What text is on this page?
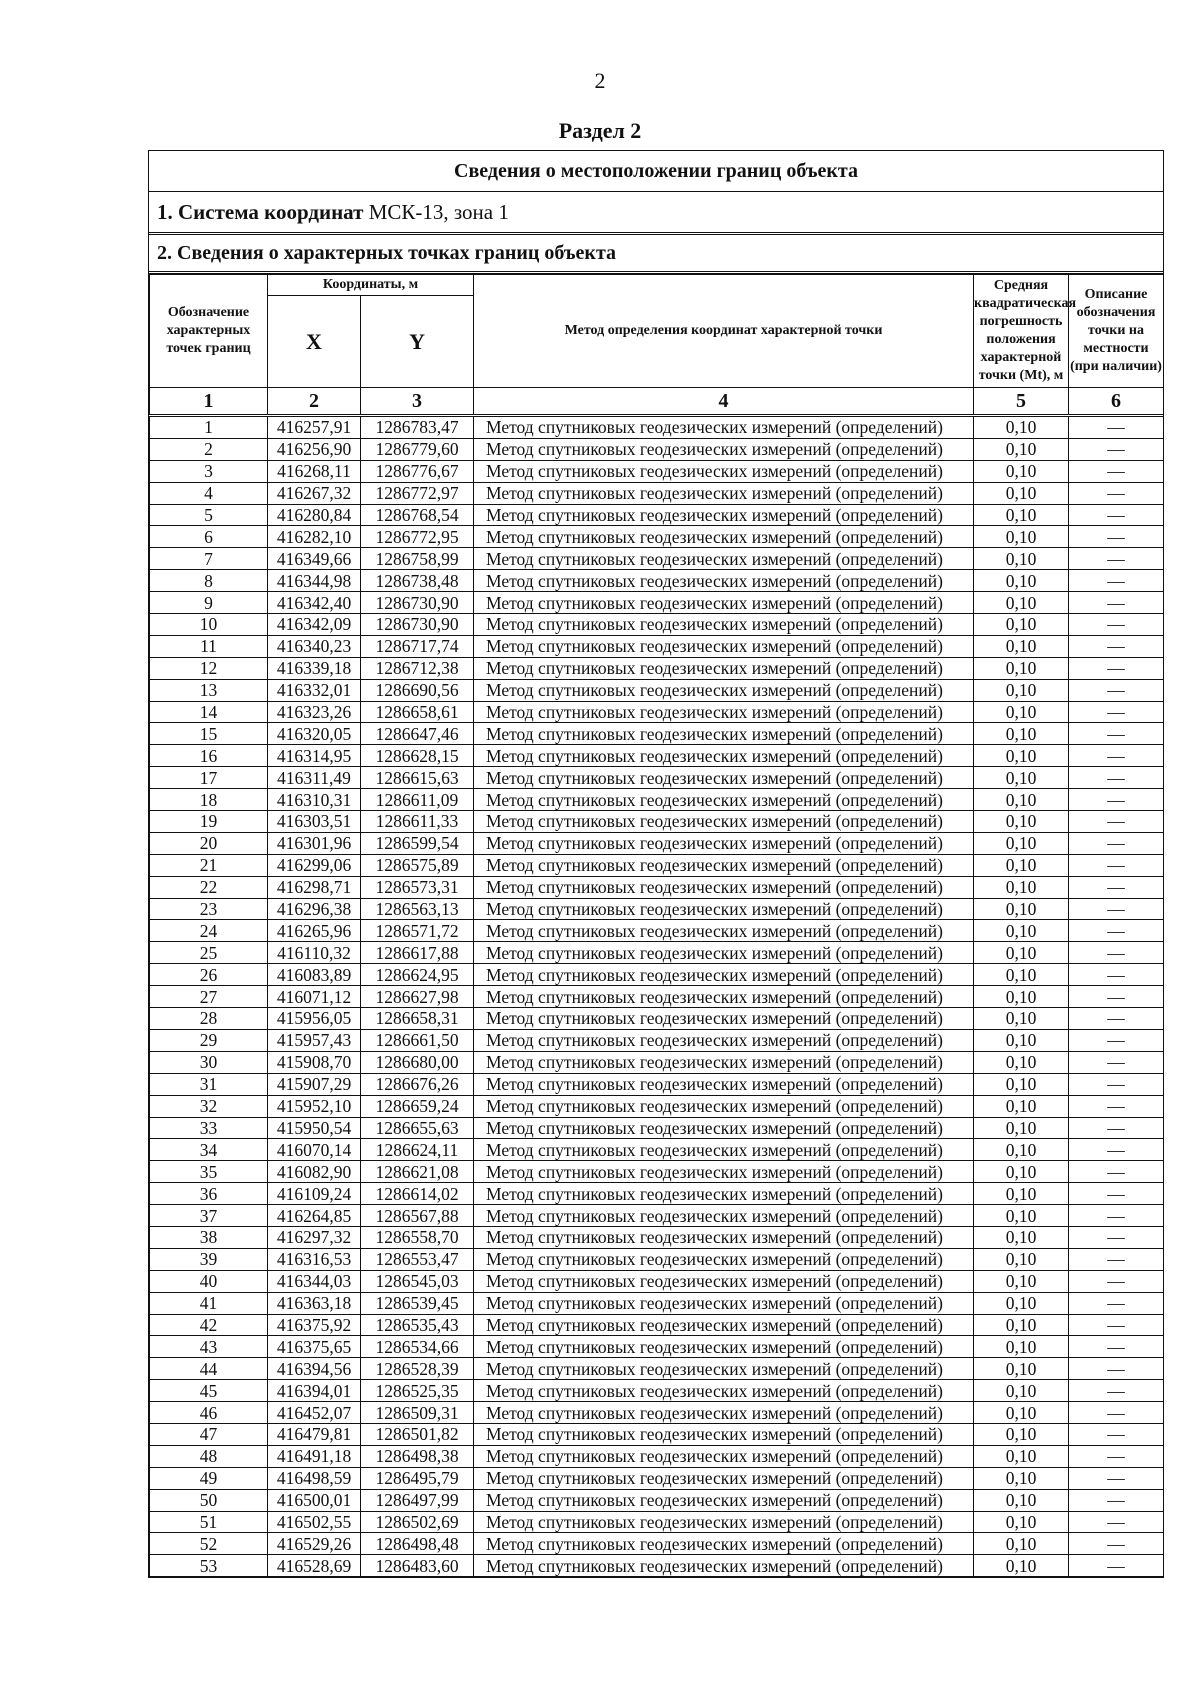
2
Раздел 2
Сведения о местоположении границ объекта
1. Система координат МСК-13, зона 1
2. Сведения о характерных точках границ объекта
Обозначение характерных точек границ	Координаты, м		Метод определения координат характерной точки	Средняя квадратическая погрешность положения характерной точки (Mt), м	Описание обозначения точки на местности (при наличии)
	X	Y			
1	2	3	4	5	6
1	416257,91	1286783,47	Метод спутниковых геодезических измерений (определений)	0,10	—
2	416256,90	1286779,60	Метод спутниковых геодезических измерений (определений)	0,10	—
3	416268,11	1286776,67	Метод спутниковых геодезических измерений (определений)	0,10	—
4	416267,32	1286772,97	Метод спутниковых геодезических измерений (определений)	0,10	—
5	416280,84	1286768,54	Метод спутниковых геодезических измерений (определений)	0,10	—
6	416282,10	1286772,95	Метод спутниковых геодезических измерений (определений)	0,10	—
7	416349,66	1286758,99	Метод спутниковых геодезических измерений (определений)	0,10	—
8	416344,98	1286738,48	Метод спутниковых геодезических измерений (определений)	0,10	—
9	416342,40	1286730,90	Метод спутниковых геодезических измерений (определений)	0,10	—
10	416342,09	1286730,90	Метод спутниковых геодезических измерений (определений)	0,10	—
11	416340,23	1286717,74	Метод спутниковых геодезических измерений (определений)	0,10	—
12	416339,18	1286712,38	Метод спутниковых геодезических измерений (определений)	0,10	—
13	416332,01	1286690,56	Метод спутниковых геодезических измерений (определений)	0,10	—
14	416323,26	1286658,61	Метод спутниковых геодезических измерений (определений)	0,10	—
15	416320,05	1286647,46	Метод спутниковых геодезических измерений (определений)	0,10	—
16	416314,95	1286628,15	Метод спутниковых геодезических измерений (определений)	0,10	—
17	416311,49	1286615,63	Метод спутниковых геодезических измерений (определений)	0,10	—
18	416310,31	1286611,09	Метод спутниковых геодезических измерений (определений)	0,10	—
19	416303,51	1286611,33	Метод спутниковых геодезических измерений (определений)	0,10	—
20	416301,96	1286599,54	Метод спутниковых геодезических измерений (определений)	0,10	—
21	416299,06	1286575,89	Метод спутниковых геодезических измерений (определений)	0,10	—
22	416298,71	1286573,31	Метод спутниковых геодезических измерений (определений)	0,10	—
23	416296,38	1286563,13	Метод спутниковых геодезических измерений (определений)	0,10	—
24	416265,96	1286571,72	Метод спутниковых геодезических измерений (определений)	0,10	—
25	416110,32	1286617,88	Метод спутниковых геодезических измерений (определений)	0,10	—
26	416083,89	1286624,95	Метод спутниковых геодезических измерений (определений)	0,10	—
27	416071,12	1286627,98	Метод спутниковых геодезических измерений (определений)	0,10	—
28	415956,05	1286658,31	Метод спутниковых геодезических измерений (определений)	0,10	—
29	415957,43	1286661,50	Метод спутниковых геодезических измерений (определений)	0,10	—
30	415908,70	1286680,00	Метод спутниковых геодезических измерений (определений)	0,10	—
31	415907,29	1286676,26	Метод спутниковых геодезических измерений (определений)	0,10	—
32	415952,10	1286659,24	Метод спутниковых геодезических измерений (определений)	0,10	—
33	415950,54	1286655,63	Метод спутниковых геодезических измерений (определений)	0,10	—
34	416070,14	1286624,11	Метод спутниковых геодезических измерений (определений)	0,10	—
35	416082,90	1286621,08	Метод спутниковых геодезических измерений (определений)	0,10	—
36	416109,24	1286614,02	Метод спутниковых геодезических измерений (определений)	0,10	—
37	416264,85	1286567,88	Метод спутниковых геодезических измерений (определений)	0,10	—
38	416297,32	1286558,70	Метод спутниковых геодезических измерений (определений)	0,10	—
39	416316,53	1286553,47	Метод спутниковых геодезических измерений (определений)	0,10	—
40	416344,03	1286545,03	Метод спутниковых геодезических измерений (определений)	0,10	—
41	416363,18	1286539,45	Метод спутниковых геодезических измерений (определений)	0,10	—
42	416375,92	1286535,43	Метод спутниковых геодезических измерений (определений)	0,10	—
43	416375,65	1286534,66	Метод спутниковых геодезических измерений (определений)	0,10	—
44	416394,56	1286528,39	Метод спутниковых геодезических измерений (определений)	0,10	—
45	416394,01	1286525,35	Метод спутниковых геодезических измерений (определений)	0,10	—
46	416452,07	1286509,31	Метод спутниковых геодезических измерений (определений)	0,10	—
47	416479,81	1286501,82	Метод спутниковых геодезических измерений (определений)	0,10	—
48	416491,18	1286498,38	Метод спутниковых геодезических измерений (определений)	0,10	—
49	416498,59	1286495,79	Метод спутниковых геодезических измерений (определений)	0,10	—
50	416500,01	1286497,99	Метод спутниковых геодезических измерений (определений)	0,10	—
51	416502,55	1286502,69	Метод спутниковых геодезических измерений (определений)	0,10	—
52	416529,26	1286498,48	Метод спутниковых геодезических измерений (определений)	0,10	—
53	416528,69	1286483,60	Метод спутниковых геодезических измерений (определений)	0,10	—
